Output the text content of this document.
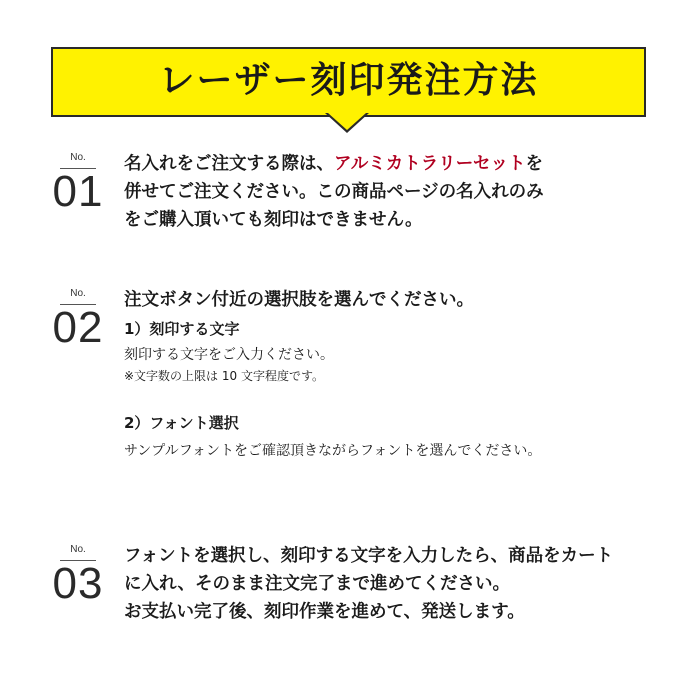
レーザー刻印発注方法
No.
01
名入れをご注文する際は、アルミカトラリーセットを
併せてご注文ください。この商品ページの名入れのみ
をご購入頂いても刻印はできません。
No.
02
注文ボタン付近の選択肢を選んでください。
1）刻印する文字
刻印する文字をご入力ください。
※文字数の上限は 10 文字程度です。
2）フォント選択
サンプルフォントをご確認頂きながらフォントを選んでください。
No.
03
フォントを選択し、刻印する文字を入力したら、商品をカート
に入れ、そのまま注文完了まで進めてください。
お支払い完了後、刻印作業を進めて、発送します。
